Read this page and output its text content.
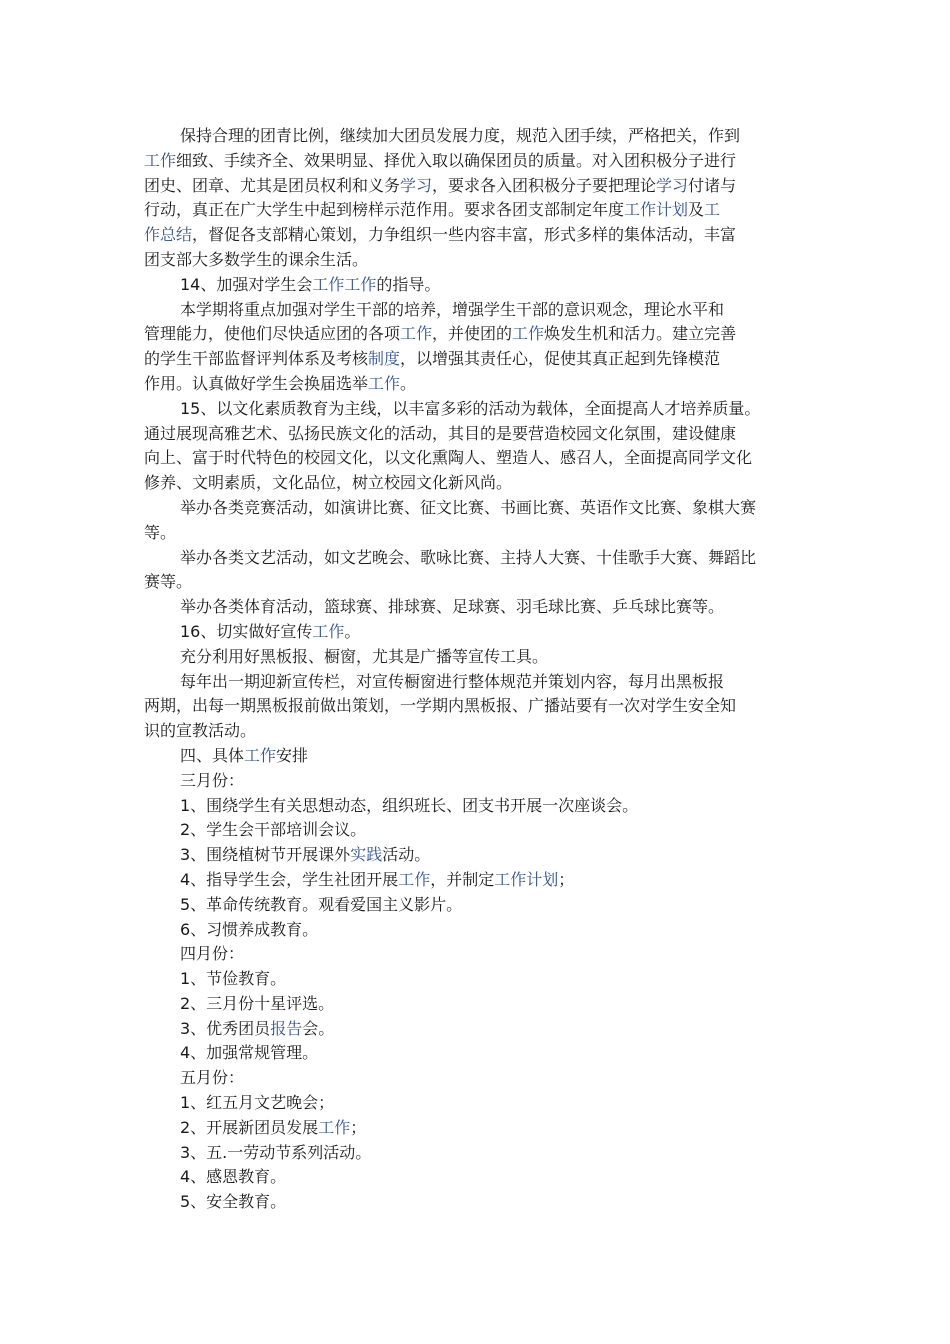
保持合理的团青比例，继续加大团员发展力度，规范入团手续，严格把关，作到
工作细致、手续齐全、效果明显、择优入取以确保团员的质量。对入团积极分子进行
团史、团章、尤其是团员权利和义务学习，要求各入团积极分子要把理论学习付诸与
行动，真正在广大学生中起到榜样示范作用。要求各团支部制定年度工作计划及工
作总结，督促各支部精心策划，力争组织一些内容丰富，形式多样的集体活动，丰富
团支部大多数学生的课余生活。
14、加强对学生会工作工作的指导。
本学期将重点加强对学生干部的培养，增强学生干部的意识观念，理论水平和
管理能力，使他们尽快适应团的各项工作，并使团的工作焕发生机和活力。建立完善
的学生干部监督评判体系及考核制度，以增强其责任心，促使其真正起到先锋模范
作用。认真做好学生会换届选举工作。
15、以文化素质教育为主线，以丰富多彩的活动为载体，全面提高人才培养质量。
通过展现高雅艺术、弘扬民族文化的活动，其目的是要营造校园文化氛围，建设健康
向上、富于时代特色的校园文化，以文化熏陶人、塑造人、感召人，全面提高同学文化
修养、文明素质，文化品位，树立校园文化新风尚。
举办各类竞赛活动，如演讲比赛、征文比赛、书画比赛、英语作文比赛、象棋大赛
等。
举办各类文艺活动，如文艺晚会、歌咏比赛、主持人大赛、十佳歌手大赛、舞蹈比
赛等。
举办各类体育活动，篮球赛、排球赛、足球赛、羽毛球比赛、乒乓球比赛等。
16、切实做好宣传工作。
充分利用好黑板报、橱窗，尤其是广播等宣传工具。
每年出一期迎新宣传栏，对宣传橱窗进行整体规范并策划内容，每月出黑板报
两期，出每一期黑板报前做出策划，一学期内黑板报、广播站要有一次对学生安全知
识的宣教活动。
四、具体工作安排
三月份：
1、围绕学生有关思想动态，组织班长、团支书开展一次座谈会。
2、学生会干部培训会议。
3、围绕植树节开展课外实践活动。
4、指导学生会，学生社团开展工作，并制定工作计划；
5、革命传统教育。观看爱国主义影片。
6、习惯养成教育。
四月份：
1、节俭教育。
2、三月份十星评选。
3、优秀团员报告会。
4、加强常规管理。
五月份：
1、红五月文艺晚会；
2、开展新团员发展工作；
3、五.一劳动节系列活动。
4、感恩教育。
5、安全教育。
